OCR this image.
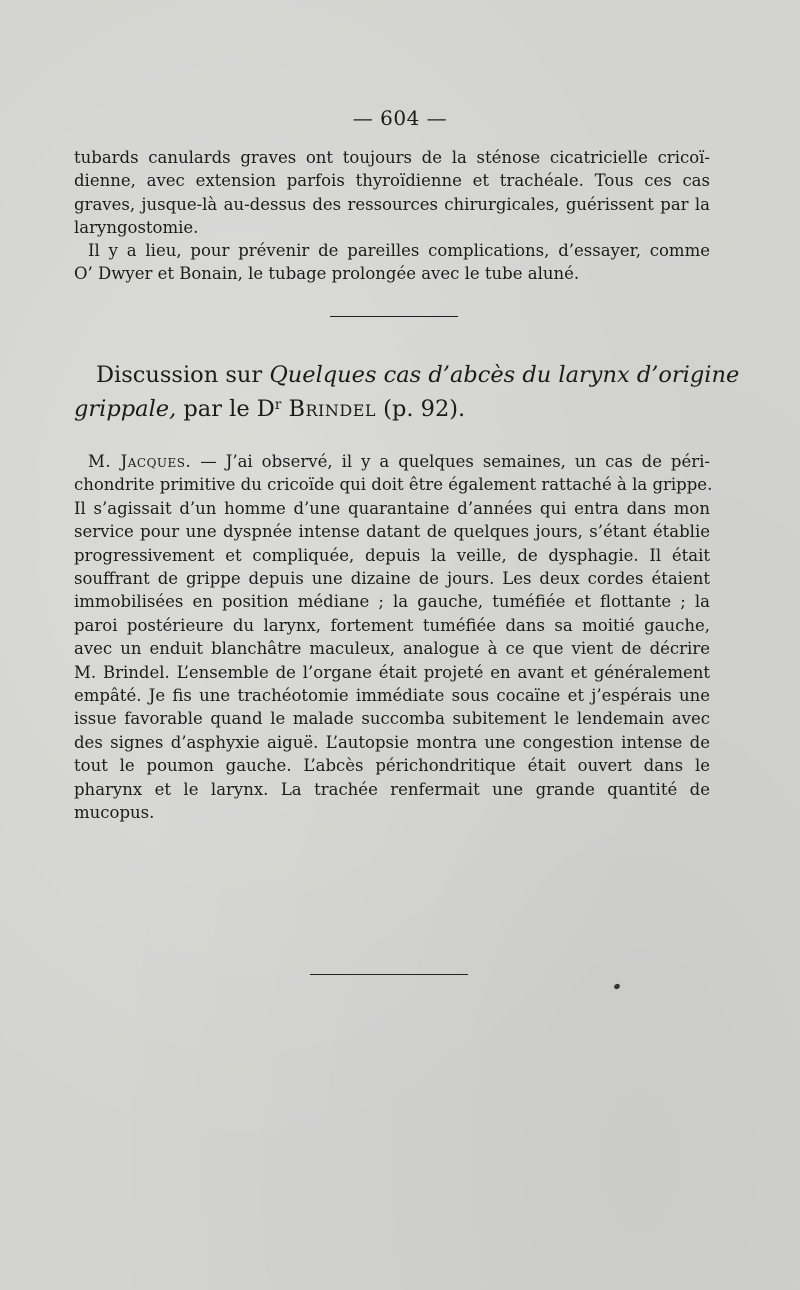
— 604 —
tubards canulards graves ont toujours de la sténose cicatricielle cricoï-
dienne, avec extension parfois thyroïdienne et trachéale. Tous ces cas
graves, jusque-là au-dessus des ressources chirurgicales, guérissent par la
laryngostomie.
Il y a lieu, pour prévenir de pareilles complications, d’essayer, comme
O’ Dwyer et Bonain, le tubage prolongée avec le tube aluné.
Discussion sur Quelques cas d’abcès du larynx d’origine
grippale, par le $D^r$ Brindel (p. 92).
M. Jacques. — J’ai observé, il y a quelques semaines, un cas de péri-
chondrite primitive du cricoïde qui doit être également rattaché à la grippe.
Il s’agissait d’un homme d’une quarantaine d’années qui entra dans mon
service pour une dyspnée intense datant de quelques jours, s’étant établie
progressivement et compliquée, depuis la veille, de dysphagie. Il était
souffrant de grippe depuis une dizaine de jours. Les deux cordes étaient
immobilisées en position médiane ; la gauche, tuméfiée et flottante ; la
paroi postérieure du larynx, fortement tuméfiée dans sa moitié gauche,
avec un enduit blanchâtre maculeux, analogue à ce que vient de décrire
M. Brindel. L’ensemble de l’organe était projeté en avant et généralement
empâté. Je fis une trachéotomie immédiate sous cocaïne et j’espérais une
issue favorable quand le malade succomba subitement le lendemain avec
des signes d’asphyxie aiguë. L’autopsie montra une congestion intense de
tout le poumon gauche. L’abcès périchondritique était ouvert dans le
pharynx et le larynx. La trachée renfermait une grande quantité de
mucopus.
